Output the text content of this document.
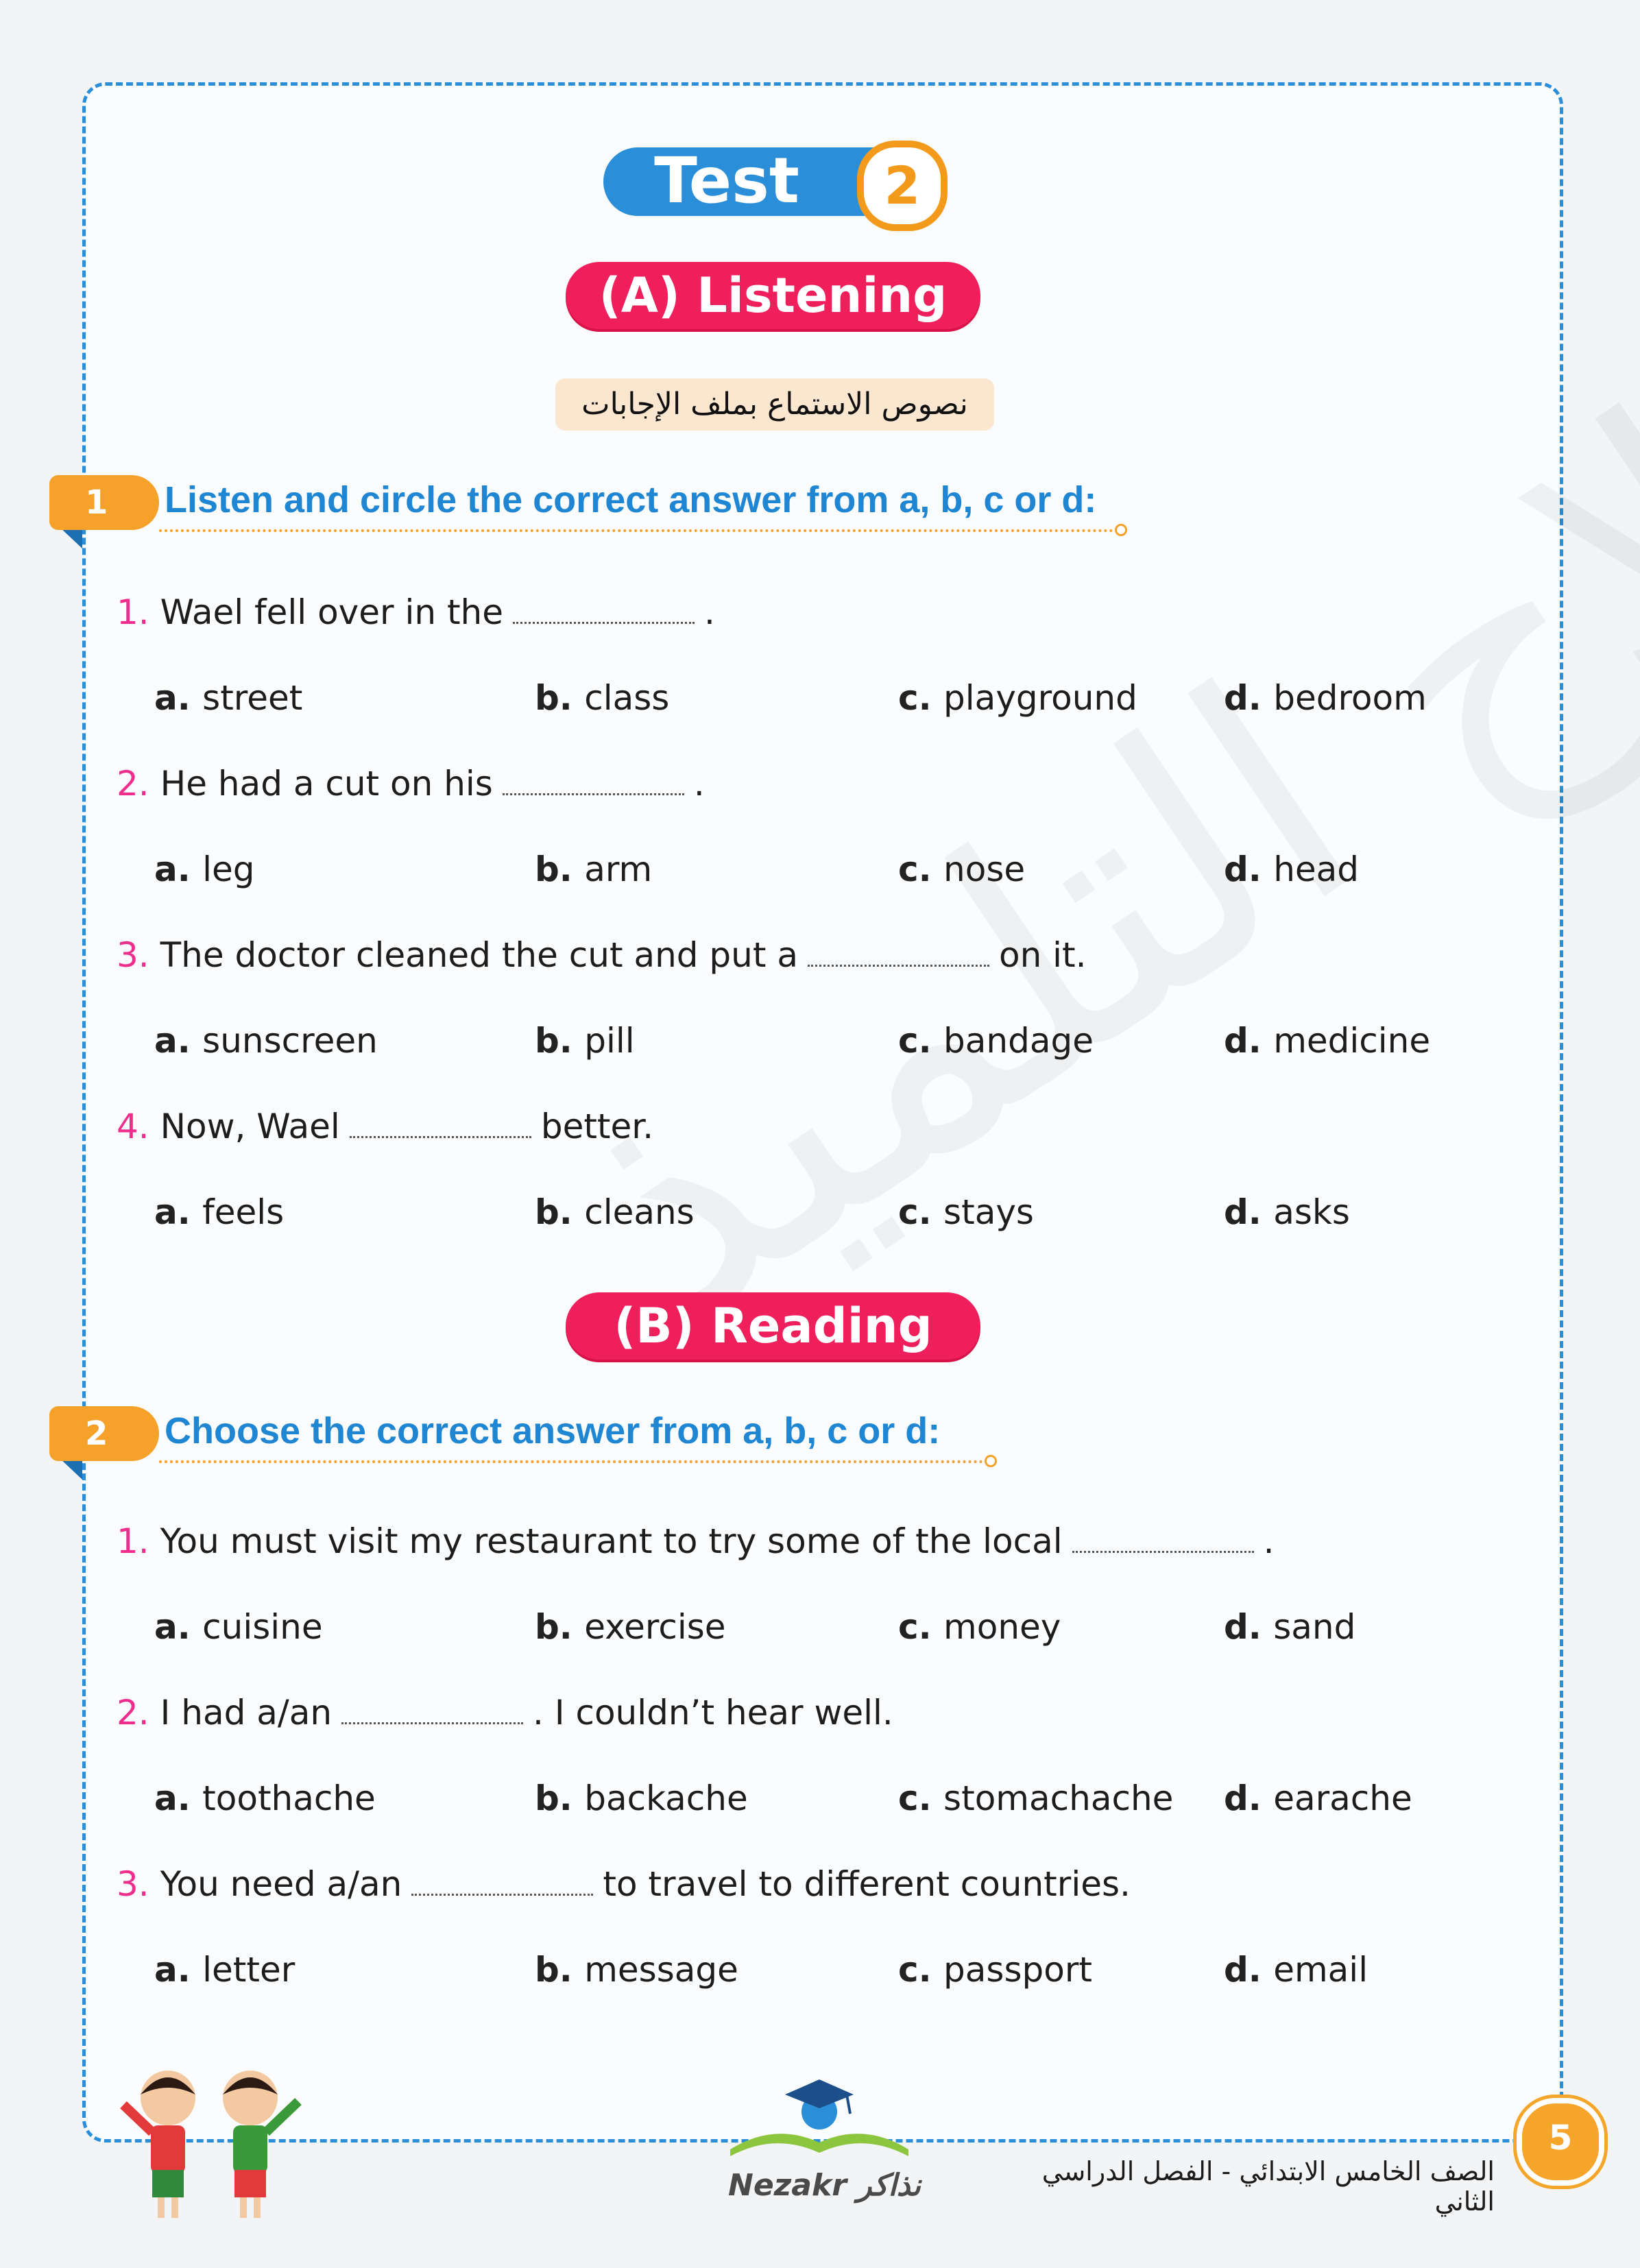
Test	2
(A) Listening
نصوص الاستماع بملف الإجابات
1	Listen and circle the correct answer from a, b, c or d:
1. Wael fell over in the	.
a. street	b. class	c. playground	d. bedroom
2. He had a cut on his	.
a. leg	b. arm	c. nose	d. head
3. The doctor cleaned the cut and put a	on it.
a. sunscreen	b. pill	c. bandage	d. medicine
4. Now, Wael	better.
a. feels	b. cleans	c. stays	d. asks
(B) Reading
2	Choose the correct answer from a, b, c or d:
1. You must visit my restaurant to try some of the local	.
a. cuisine	b. exercise	c. money	d. sand
2. I had a/an	. I couldn’t hear well.
a. toothache	b. backache	c. stomachache d. earache
3. You need a/an	to travel to different countries.
a. letter	b. message	c. passport	d. email
Nezakr نذاكر	الصف الخامس الابتدائي - الفصل الدراسي الثاني
5
